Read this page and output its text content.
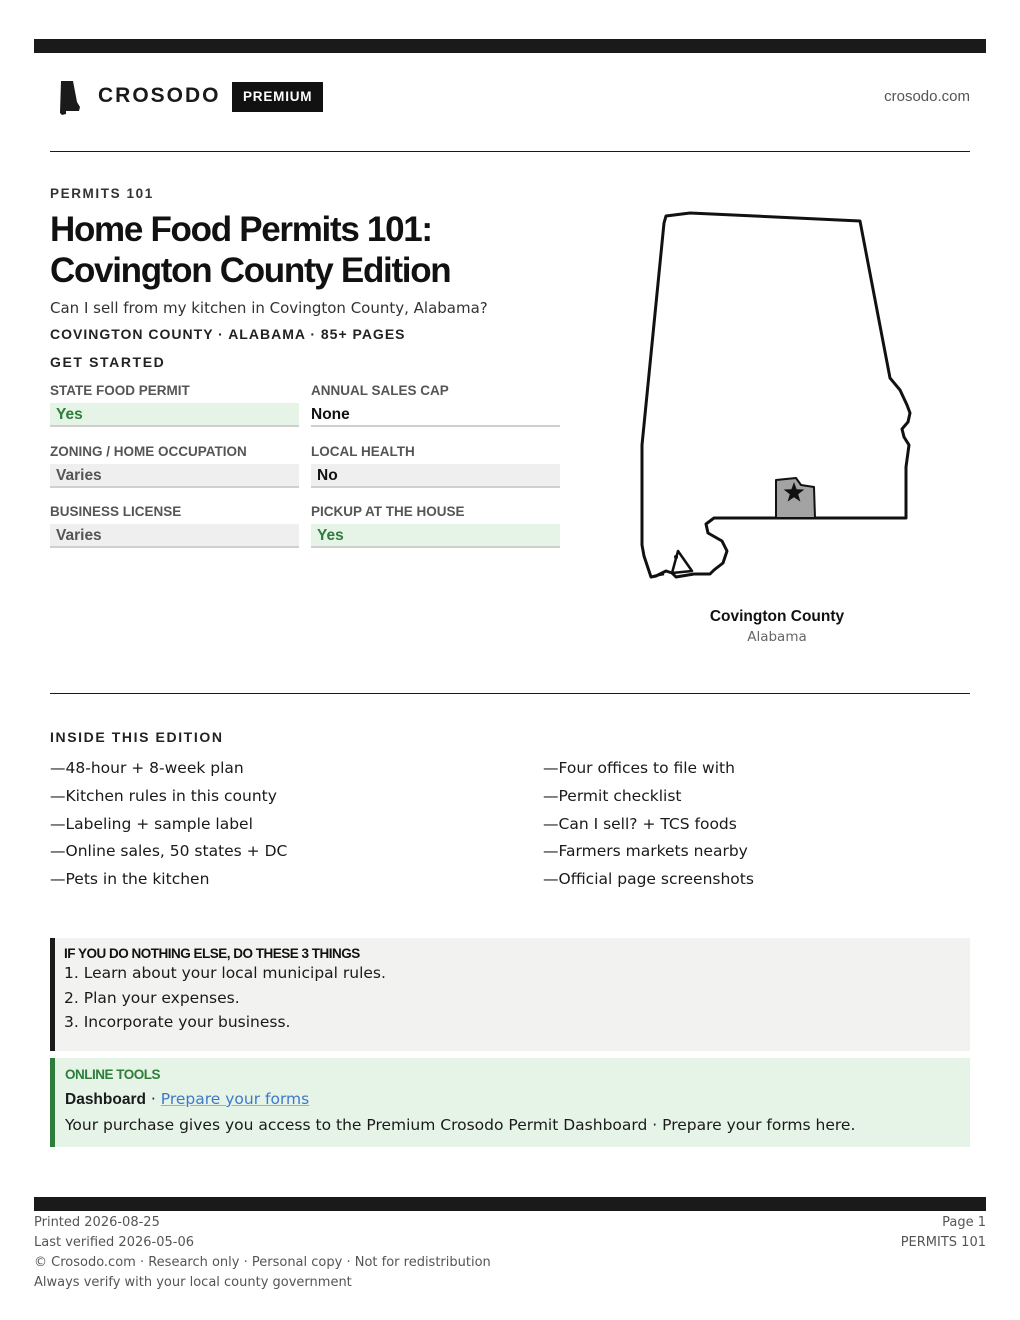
CROSODO	PREMIUM	crosodo.com
PERMITS 101
Home Food Permits 101:
Covington County Edition
Can I sell from my kitchen in Covington County, Alabama?
COVINGTON COUNTY · ALABAMA · 85+ PAGES
GET STARTED
STATE FOOD PERMIT
Yes
ANNUAL SALES CAP
None
ZONING / HOME OCCUPATION
Varies
LOCAL HEALTH
No
BUSINESS LICENSE
Varies
PICKUP AT THE HOUSE
Yes
Covington County
Alabama
INSIDE THIS EDITION
—48-hour + 8-week plan
—Kitchen rules in this county
—Labeling + sample label
—Online sales, 50 states + DC
—Pets in the kitchen
—Four offices to file with
—Permit checklist
—Can I sell? + TCS foods
—Farmers markets nearby
—Official page screenshots
IF YOU DO NOTHING ELSE, DO THESE 3 THINGS
1. Learn about your local municipal rules.
2. Plan your expenses.
3. Incorporate your business.
ONLINE TOOLS
Dashboard · Prepare your forms
Your purchase gives you access to the Premium Crosodo Permit Dashboard · Prepare your forms here.
Printed 2026-08-25
Last verified 2026-05-06
© Crosodo.com · Research only · Personal copy · Not for redistribution
Always verify with your local county government
Page 1
PERMITS 101
